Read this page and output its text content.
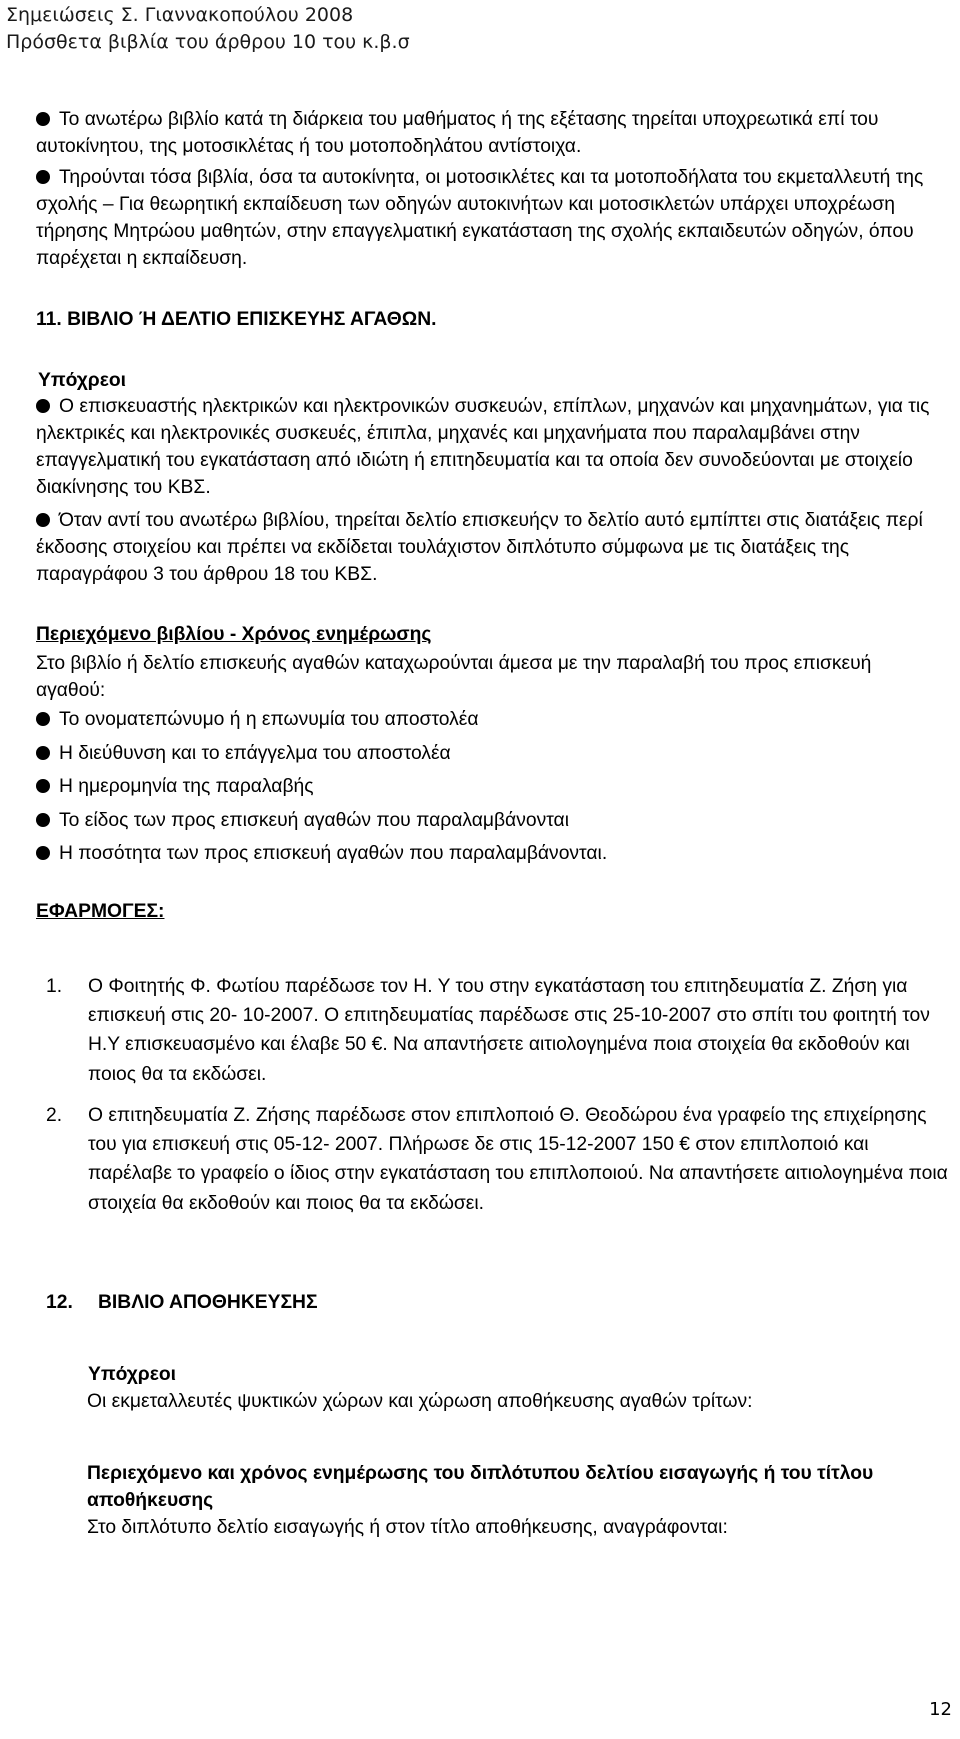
Σημειώσεις Σ. Γιαννακοπούλου 2008
Πρόσθετα βιβλία του άρθρου 10 του κ.β.σ

Το ανωτέρω βιβλίο κατά τη διάρκεια του μαθήματος ή της εξέτασης τηρείται υποχρεωτικά επί του αυτοκίνητου, της μοτοσικλέτας ή του μοτοποδηλάτου αντίστοιχα.

Τηρούνται τόσα βιβλία, όσα τα αυτοκίνητα, οι μοτοσικλέτες και τα μοτοποδήλατα του εκμεταλλευτή της σχολής – Για θεωρητική εκπαίδευση των οδηγών αυτοκινήτων και μοτοσικλετών υπάρχει υποχρέωση τήρησης Μητρώου μαθητών, στην επαγγελματική εγκατάσταση της σχολής εκπαιδευτών οδηγών, όπου παρέχεται η εκπαίδευση.

11. ΒΙΒΛΙΟ Ή ΔΕΛΤΙΟ ΕΠΙΣΚΕΥΗΣ ΑΓΑΘΩΝ.
Υπόχρεοι

Ο επισκευαστής ηλεκτρικών και ηλεκτρονικών συσκευών, επίπλων, μηχανών και μηχανημάτων, για τις ηλεκτρικές και ηλεκτρονικές συσκευές, έπιπλα, μηχανές και μηχανήματα που παραλαμβάνει στην επαγγελματική του εγκατάσταση από ιδιώτη ή επιτηδευματία και τα οποία δεν συνοδεύονται με στοιχείο διακίνησης του ΚΒΣ.

Όταν αντί του ανωτέρω βιβλίου, τηρείται δελτίο επισκευήςν το δελτίο αυτό εμπίπτει στις διατάξεις περί έκδοσης στοιχείου και πρέπει να εκδίδεται τουλάχιστον διπλότυπο σύμφωνα με τις διατάξεις της παραγράφου 3 του άρθρου 18 του ΚΒΣ.

Περιεχόμενο βιβλίου - Χρόνος ενημέρωσης

Στο βιβλίο ή δελτίο επισκευής αγαθών καταχωρούνται άμεσα με την παραλαβή του προς επισκευή αγαθού:

Το ονοματεπώνυμο ή η επωνυμία του αποστολέα
Η διεύθυνση και το επάγγελμα του αποστολέα
Η ημερομηνία της παραλαβής
Το είδος των προς επισκευή αγαθών που παραλαμβάνονται
Η ποσότητα των προς επισκευή αγαθών που παραλαμβάνονται.
ΕΦΑΡΜΟΓΕΣ:
1. Ο Φοιτητής Φ. Φωτίου παρέδωσε τον Η. Υ του στην εγκατάσταση του επιτηδευματία Ζ. Ζήση για επισκευή στις 20- 10-2007. Ο επιτηδευματίας παρέδωσε στις 25-10-2007 στο σπίτι του φοιτητή τον Η.Υ επισκευασμένο και έλαβε 50 €. Να απαντήσετε αιτιολογημένα ποια στοιχεία θα εκδοθούν και ποιος θα τα εκδώσει.

2. Ο επιτηδευματία Ζ. Ζήσης παρέδωσε στον επιπλοποιό Θ. Θεοδώρου ένα γραφείο της επιχείρησης του για επισκευή στις 05-12- 2007. Πλήρωσε δε στις 15-12-2007 150 € στον επιπλοποιό και παρέλαβε το γραφείο ο ίδιος στην εγκατάσταση του επιπλοποιού. Να απαντήσετε αιτιολογημένα ποια στοιχεία θα εκδοθούν και ποιος θα τα εκδώσει.

12. ΒΙΒΛΙΟ ΑΠΟΘΗΚΕΥΣΗΣ
Υπόχρεοι

Οι εκμεταλλευτές ψυκτικών χώρων και χώρωση αποθήκευσης αγαθών τρίτων:

Περιεχόμενο και χρόνος ενημέρωσης του διπλότυπου δελτίου εισαγωγής ή του τίτλου αποθήκευσης

Στο διπλότυπο δελτίο εισαγωγής ή στον τίτλο αποθήκευσης, αναγράφονται:

12
